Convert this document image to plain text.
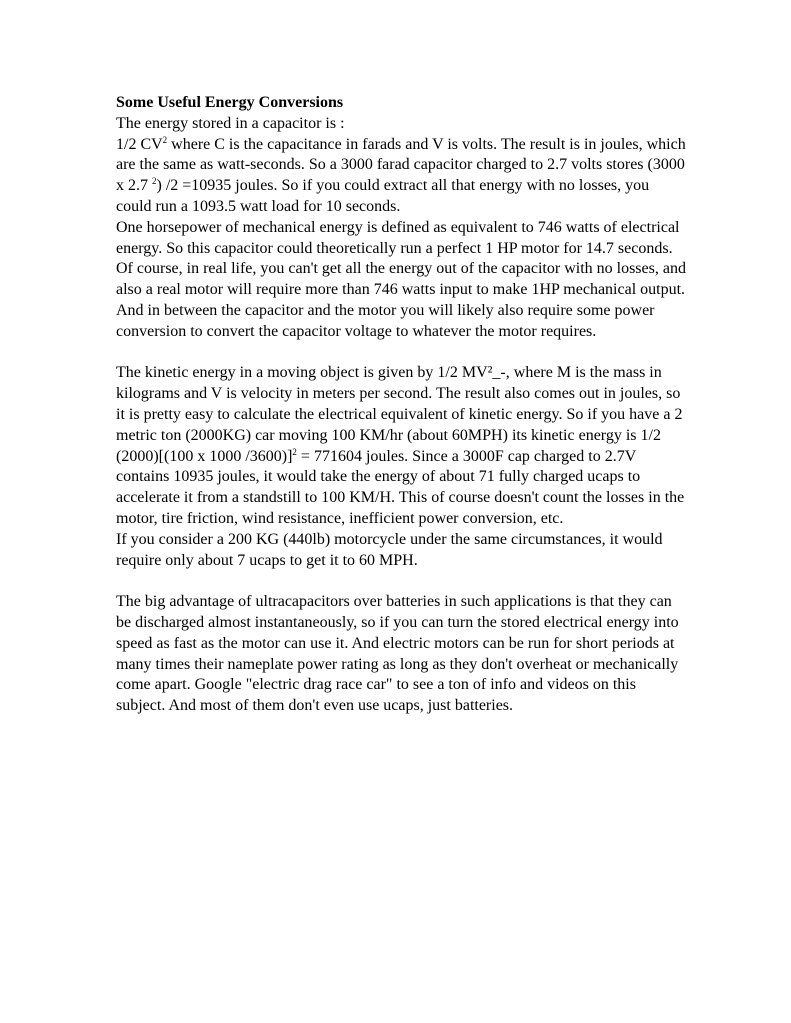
Some Useful Energy Conversions

The energy stored in a capacitor is :

1/2 $CV^2$ where C is the capacitance in farads and V is volts. The result is in joules, which are the same as watt-seconds. So a 3000 farad capacitor charged to 2.7 volts stores (3000 x 2.7 $^2$) /2 =10935 joules. So if you could extract all that energy with no losses, you could run a 1093.5 watt load for 10 seconds.

One horsepower of mechanical energy is defined as equivalent to 746 watts of electrical energy. So this capacitor could theoretically run a perfect 1 HP motor for 14.7 seconds. Of course, in real life, you can't get all the energy out of the capacitor with no losses, and also a real motor will require more than 746 watts input to make 1HP mechanical output.

And in between the capacitor and the motor you will likely also require some power conversion to convert the capacitor voltage to whatever the motor requires.

The kinetic energy in a moving object is given by 1/2 MV²_-, where M is the mass in kilograms and V is velocity in meters per second. The result also comes out in joules, so it is pretty easy to calculate the electrical equivalent of kinetic energy. So if you have a 2 metric ton (2000KG) car moving 100 KM/hr (about 60MPH) its kinetic energy is 1/2 (2000)[(100 x 1000 /3600)]$^2$ = 771604 joules. Since a 3000F cap charged to 2.7V contains 10935 joules, it would take the energy of about 71 fully charged ucaps to accelerate it from a standstill to 100 KM/H. This of course doesn't count the losses in the motor, tire friction, wind resistance, inefficient power conversion, etc.

If you consider a 200 KG (440lb) motorcycle under the same circumstances, it would require only about 7 ucaps to get it to 60 MPH.

The big advantage of ultracapacitors over batteries in such applications is that they can be discharged almost instantaneously, so if you can turn the stored electrical energy into speed as fast as the motor can use it. And electric motors can be run for short periods at many times their nameplate power rating as long as they don't overheat or mechanically come apart. Google "electric drag race car" to see a ton of info and videos on this subject. And most of them don't even use ucaps, just batteries.
